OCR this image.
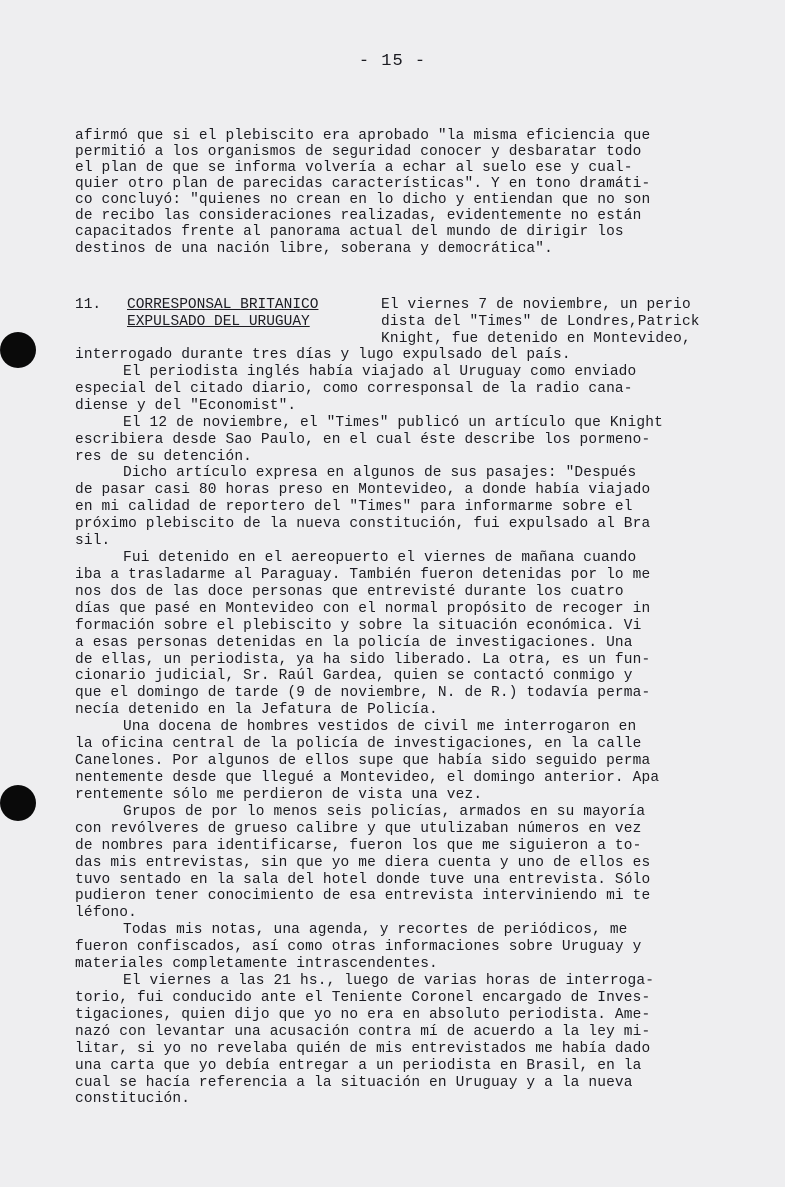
- 15 -
afirmó que si el plebiscito era aprobado "la misma eficiencia que
permitió a los organismos de seguridad conocer y desbaratar todo
el plan de que se informa volvería a echar al suelo ese y cual-
quier otro plan de parecidas características". Y en tono dramáti-
co concluyó: "quienes no crean en lo dicho y entiendan que no son
de recibo las consideraciones realizadas, evidentemente no están
capacitados frente al panorama actual del mundo de dirigir los
destinos de una nación libre, soberana y democrática".
11. CORRESPONSAL BRITANICO
EXPULSADO DEL URUGUAY
El viernes 7 de noviembre, un perio
dista del "Times" de Londres,Patrick
Knight, fue detenido en Montevideo,
interrogado durante tres días y lugo expulsado del país.
El periodista inglés había viajado al Uruguay como enviado
especial del citado diario, como corresponsal de la radio cana-
diense y del "Economist".
El 12 de noviembre, el "Times" publicó un artículo que Knight
escribiera desde Sao Paulo, en el cual éste describe los pormeno-
res de su detención.
Dicho artículo expresa en algunos de sus pasajes: "Después
de pasar casi 80 horas preso en Montevideo, a donde había viajado
en mi calidad de reportero del "Times" para informarme sobre el
próximo plebiscito de la nueva constitución, fui expulsado al Bra
sil.
Fui detenido en el aereopuerto el viernes de mañana cuando
iba a trasladarme al Paraguay. También fueron detenidas por lo me
nos dos de las doce personas que entrevisté durante los cuatro
días que pasé en Montevideo con el normal propósito de recoger in
formación sobre el plebiscito y sobre la situación económica. Vi
a esas personas detenidas en la policía de investigaciones. Una
de ellas, un periodista, ya ha sido liberado. La otra, es un fun-
cionario judicial, Sr. Raúl Gardea, quien se contactó conmigo y
que el domingo de tarde (9 de noviembre, N. de R.) todavía perma-
necía detenido en la Jefatura de Policía.
Una docena de hombres vestidos de civil me interrogaron en
la oficina central de la policía de investigaciones, en la calle
Canelones. Por algunos de ellos supe que había sido seguido perma
nentemente desde que llegué a Montevideo, el domingo anterior. Apa
rentemente sólo me perdieron de vista una vez.
Grupos de por lo menos seis policías, armados en su mayoría
con revólveres de grueso calibre y que utulizaban números en vez
de nombres para identificarse, fueron los que me siguieron a to-
das mis entrevistas, sin que yo me diera cuenta y uno de ellos es
tuvo sentado en la sala del hotel donde tuve una entrevista. Sólo
pudieron tener conocimiento de esa entrevista interviniendo mi te
léfono.
Todas mis notas, una agenda, y recortes de periódicos, me
fueron confiscados, así como otras informaciones sobre Uruguay y
materiales completamente intrascendentes.
El viernes a las 21 hs., luego de varias horas de interroga-
torio, fui conducido ante el Teniente Coronel encargado de Inves-
tigaciones, quien dijo que yo no era en absoluto periodista. Ame-
nazó con levantar una acusación contra mí de acuerdo a la ley mi-
litar, si yo no revelaba quién de mis entrevistados me había dado
una carta que yo debía entregar a un periodista en Brasil, en la
cual se hacía referencia a la situación en Uruguay y a la nueva
constitución.
